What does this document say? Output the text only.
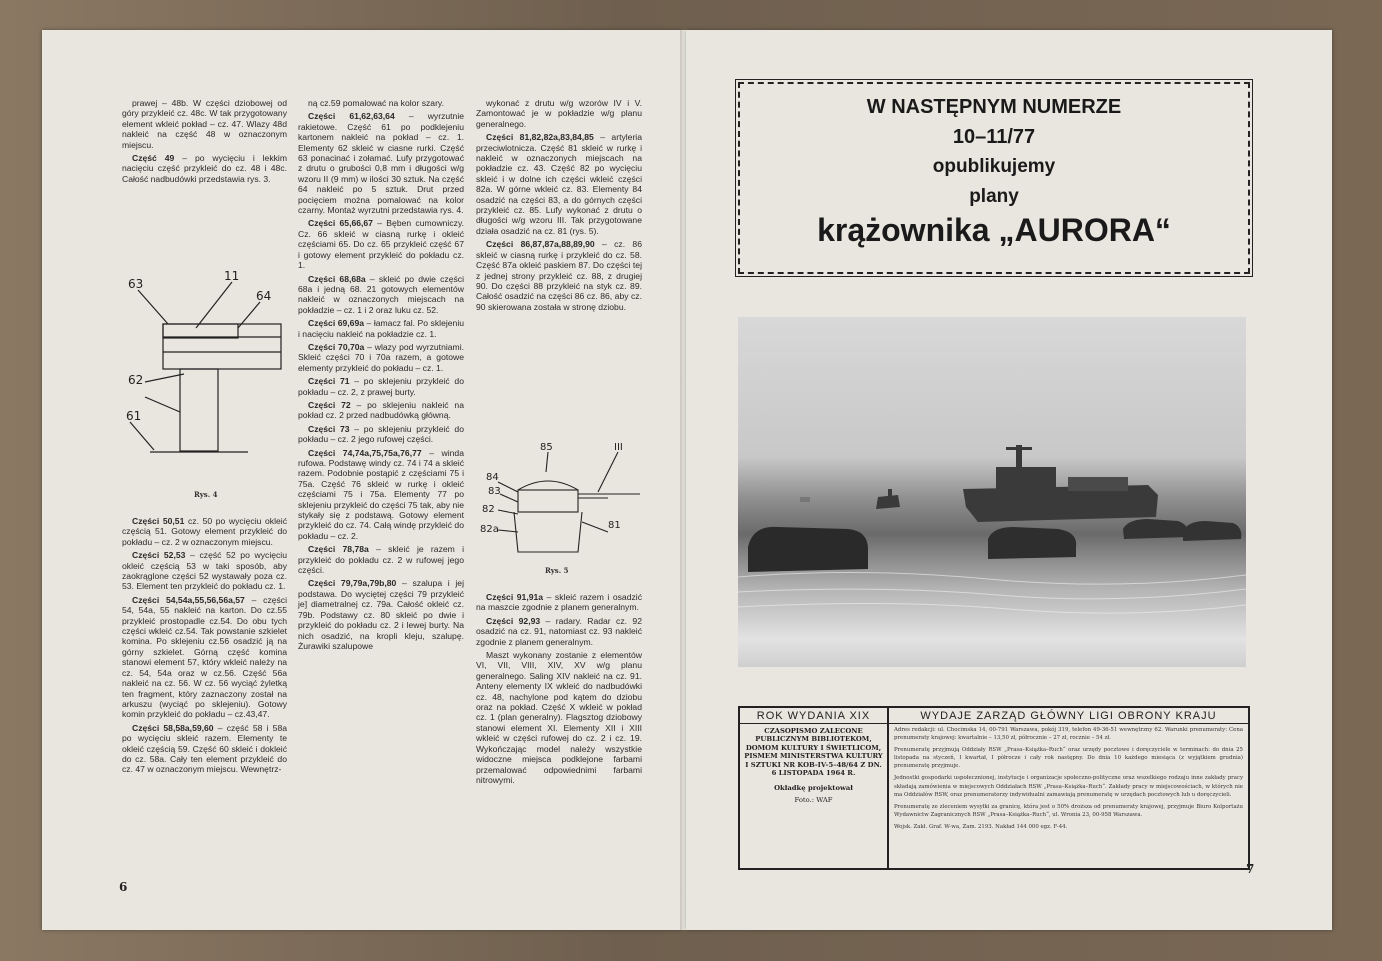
prawej – 48b. W części dziobowej od góry przykleić cz. 48c. W tak przygotowany element wkleić pokład – cz. 47. Wlazy 48d nakleić na część 48 w oznaczonym miejscu.

Część 49 – po wycięciu i lekkim nacięciu część przykleić do cz. 48 i 48c. Całość nadbudówki przedstawia rys. 3.

63
11
64
62
61
Rys. 4

Części 50,51 cz. 50 po wycięciu okleić częścią 51. Gotowy element przykleić do pokładu – cz. 2 w oznaczonym miejscu.

Części 52,53 – część 52 po wycięciu okleić częścią 53 w taki sposób, aby zaokrąglone części 52 wystawały poza cz. 53. Element ten przykleić do pokładu cz. 1.

Części 54,54a,55,56,56a,57 – części 54, 54a, 55 nakleić na karton. Do cz.55 przykleić prostopadle cz.54. Do obu tych części wkleić cz.54. Tak powstanie szkielet komina. Po sklejeniu cz.56 osadzić ją na górny szkielet. Górną część komina stanowi element 57, który wkleić należy na cz. 54, 54a oraz w cz.56. Część 56a nakleić na cz. 56. W cz. 56 wyciąć żyletką ten fragment, który zaznaczony został na arkuszu (wyciąć po sklejeniu). Gotowy komin przykleić do pokładu – cz.43,47.

Części 58,58a,59,60 – część 58 i 58a po wycięciu skleić razem. Elementy te okleić częścią 59. Część 60 skleić i dokleić do cz. 58a. Cały ten element przykleić do cz. 47 w oznaczonym miejscu. Wewnętrz-

ną cz.59 pomalować na kolor szary.

Części 61,62,63,64 – wyrzutnie rakietowe. Część 61 po podklejeniu kartonem nakleić na pokład – cz. 1. Elementy 62 skleić w ciasne rurki. Część 63 ponacinać i zołamać. Lufy przygotować z drutu o grubości 0,8 mm i długości w/g wzoru II (9 mm) w ilości 30 sztuk. Na część 64 nakleić po 5 sztuk. Drut przed pocięciem można pomalować na kolor czarny. Montaż wyrzutni przedstawia rys. 4.

Części 65,66,67 – Bęben cumowniczy. Cz. 66 skleić w ciasną rurkę i okleić częściami 65. Do cz. 65 przykleić część 67 i gotowy element przykleić do pokładu cz. 1.

Części 68,68a – skleić po dwie części 68a i jedną 68. 21 gotowych elementów nakleić w oznaczonych miejscach na pokładzie – cz. 1 i 2 oraz luku cz. 52.

Części 69,69a – łamacz fal. Po sklejeniu i nacięciu nakleić na pokładzie cz. 1.

Części 70,70a – wlazy pod wyrzutniami. Skleić części 70 i 70a razem, a gotowe elementy przykleić do pokładu – cz. 1.

Części 71 – po sklejeniu przykleić do pokładu – cz. 2, z prawej burty.

Części 72 – po sklejeniu nakleić na pokład cz. 2 przed nadbudówką główną.

Części 73 – po sklejeniu przykleić do pokładu – cz. 2 jego rufowej części.

Części 74,74a,75,75a,76,77 – winda rufowa. Podstawę windy cz. 74 i 74 a skleić razem. Podobnie postąpić z częściami 75 i 75a. Część 76 skleić w rurkę i okleić częściami 75 i 75a. Elementy 77 po sklejeniu przykleić do części 75 tak, aby nie stykały się z podstawą. Gotowy element przykleić do cz. 74. Całą windę przykleić do pokładu – cz. 2.

Części 78,78a – skleić je razem i przykleić do pokładu cz. 2 w rufowej jego części.

Części 79,79a,79b,80 – szalupa i jej podstawa. Do wyciętej części 79 przykleić je] diametralnej cz. 79a. Całość okleić cz. 79b. Podstawy cz. 80 skleić po dwie i przykleić do pokładu cz. 2 i lewej burty. Na nich osadzić, na kropli kleju, szalupę. Żurawiki szalupowe

wykonać z drutu w/g wzorów IV i V. Zamontować je w pokładzie w/g planu generalnego.

Części 81,82,82a,83,84,85 – artyleria przeciwlotnicza. Część 81 skleić w rurkę i nakleić w oznaczonych miejscach na pokładzie cz. 43. Część 82 po wycięciu skleić i w dolne ich części wkleić części 82a. W górne wkleić cz. 83. Elementy 84 osadzić na części 83, a do górnych części przykleić cz. 85. Lufy wykonać z drutu o długości w/g wzoru III. Tak przygotowane działa osadzić na cz. 81 (rys. 5).

Części 86,87,87a,88,89,90 – cz. 86 skleić w ciasną rurkę i przykleić do cz. 58. Część 87a okleić paskiem 87. Do części tej z jednej strony przykleić cz. 88, z drugiej 90. Do części 88 przykleić na styk cz. 89. Całość osadzić na części 86 cz. 86, aby cz. 90 skierowana została w stronę dziobu.

85	III
84
83
82
82a	81
Rys. 5

Części 91,91a – skleić razem i osadzić na maszcie zgodnie z planem generalnym.

Części 92,93 – radary. Radar cz. 92 osadzić na cz. 91, natomiast cz. 93 nakleić zgodnie z planem generalnym.

Maszt wykonany zostanie z elementów VI, VII, VIII, XIV, XV w/g planu generalnego. Saling XIV nakleić na cz. 91. Anteny elementy IX wkleić do nadbudówki cz. 48, nachylone pod kątem do dziobu oraz na pokład. Część X wkleić w pokład cz. 1 (plan generalny). Flagsztog dziobowy stanowi element XI. Elementy XII i XIII wkleić w części rufowej do cz. 2 i cz. 19. Wykończając model należy wszystkie widoczne miejsca podklejone farbami przemalować odpowiednimi farbami nitrowymi.

6
W NASTĘPNYM NUMERZE
10–11/77
opublikujemy
plany
krążownika „AURORA“
ROK WYDANIA XIX
CZASOPISMO ZALECONE PUBLICZNYM BIBLIOTEKOM, DOMOM KULTURY I ŚWIETLICOM, PISMEM MINISTERSTWA KULTURY I SZTUKI NR KOB-IV-5–48/64 Z DN. 6 LISTOPADA 1964 R.
Okładkę projektował
Foto.: WAF
WYDAJE ZARZĄD GŁÓWNY LIGI OBRONY KRAJU
Adres redakcji: ul. Chocimska 14, 00-791 Warszawa, pokój 319, telefon 49-36-51 wewnętrzny 62. Warunki prenumeraty: Cena prenumeraty krajowej: kwartalnie – 13,50 zł, półrocznie – 27 zł, rocznie – 54 zł.
Prenumeratę przyjmują Oddziały RSW „Prasa–Książka–Ruch“ oraz urzędy pocztowe i doręczyciele w terminach: do dnia 25 listopada na styczeń, I kwartał, I półrocze i cały rok następny. Do dnia 10 każdego miesiąca (z wyjątkiem grudnia) prenumeratę przyjmuje.
Jednostki gospodarki uspołecznionej, instytucje i organizacje społeczno-polityczne oraz wszelkiego rodzaju inne zakłady pracy składają zamówienia w miejscowych Oddziałach RSW „Prasa–Książka–Ruch“. Zakłady pracy w miejscowościach, w których nie ma Oddziałów RSW, oraz prenumeratorzy indywidualni zamawiają prenumeratę w urzędach pocztowych lub u doręczycieli.
Prenumeratę ze zleceniem wysyłki za granicę, która jest o 50% droższa od prenumeraty krajowej, przyjmuje Biuro Kolportażu Wydawnictw Zagranicznych RSW „Prasa–Książka–Ruch“, ul. Wronia 23, 00-958 Warszawa.
Wojsk. Zakł. Graf. W-wa, Zam. 2193. Nakład 144 000 egz. F-44.
7
